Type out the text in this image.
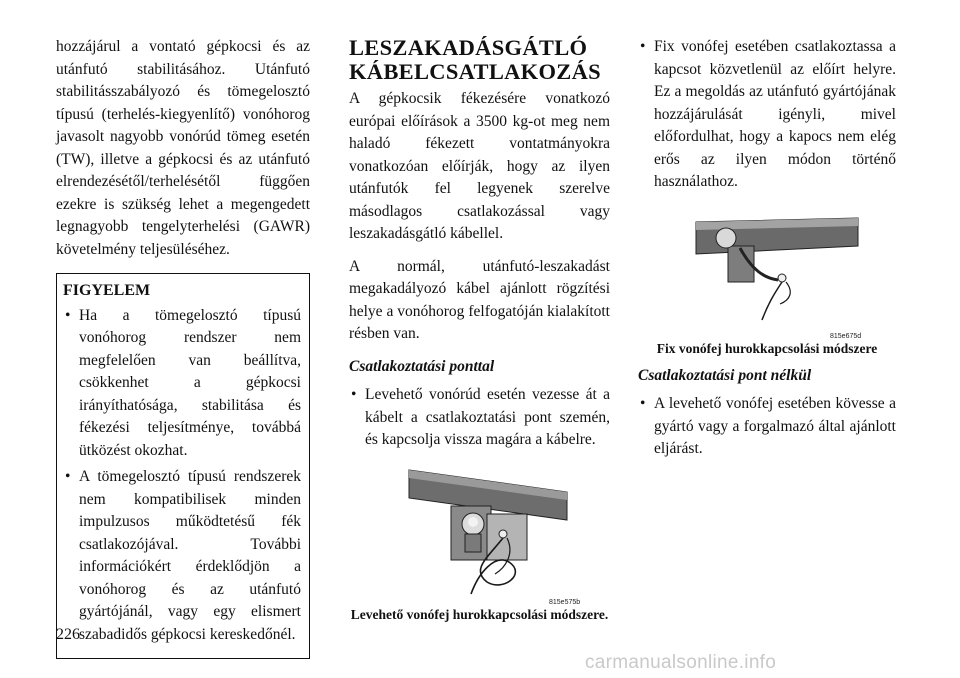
hozzájárul a vontató gépkocsi és az utánfutó stabilitásához. Utánfutó stabilitásszabályozó és tömegelosztó típusú (terhelés-kiegyenlítő) vonóhorog javasolt nagyobb vonórúd tömeg esetén (TW), illetve a gépkocsi és az utánfutó elrendezésétől/terhelésétől függően ezekre is szükség lehet a megengedett legnagyobb tengelyterhelési (GAWR) követelmény teljesüléséhez.

FIGYELEM
• Ha a tömegelosztó típusú vonóhorog rendszer nem megfelelően van beállítva, csökkenhet a gépkocsi irányíthatósága, stabilitása és fékezési teljesítménye, továbbá ütközést okozhat.
• A tömegelosztó típusú rendszerek nem kompatibilisek minden impulzusos működtetésű fék csatlakozójával. További információkért érdeklődjön a vonóhorog és az utánfutó gyártójánál, vagy egy elismert szabadidős gépkocsi kereskedőnél.
LESZAKADÁSGÁTLÓ
KÁBELCSATLAKOZÁS

A gépkocsik fékezésére vonatkozó európai előírások a 3500 kg-ot meg nem haladó fékezett vontatmányokra vonatkozóan előírják, hogy az ilyen utánfutók fel legyenek szerelve másodlagos csatlakozással vagy leszakadásgátló kábellel.

A normál, utánfutó-leszakadást megakadályozó kábel ajánlott rögzítési helye a vonóhorog felfogatóján kialakított résben van.

Csatlakoztatási ponttal
• Levehető vonórúd esetén vezesse át a kábelt a csatlakoztatási pont szemén, és kapcsolja vissza magára a kábelre.
815e575b
Levehető vonófej hurokkapcsolási módszere.
• Fix vonófej esetében csatlakoztassa a kapcsot közvetlenül az előírt helyre. Ez a megoldás az utánfutó gyártójának hozzájárulását igényli, mivel előfordulhat, hogy a kapocs nem elég erős az ilyen módon történő használathoz.
815e675d
Fix vonófej hurokkapcsolási módszere
Csatlakoztatási pont nélkül
• A levehető vonófej esetében kövesse a gyártó vagy a forgalmazó által ajánlott eljárást.
226
carmanualsonline.info
